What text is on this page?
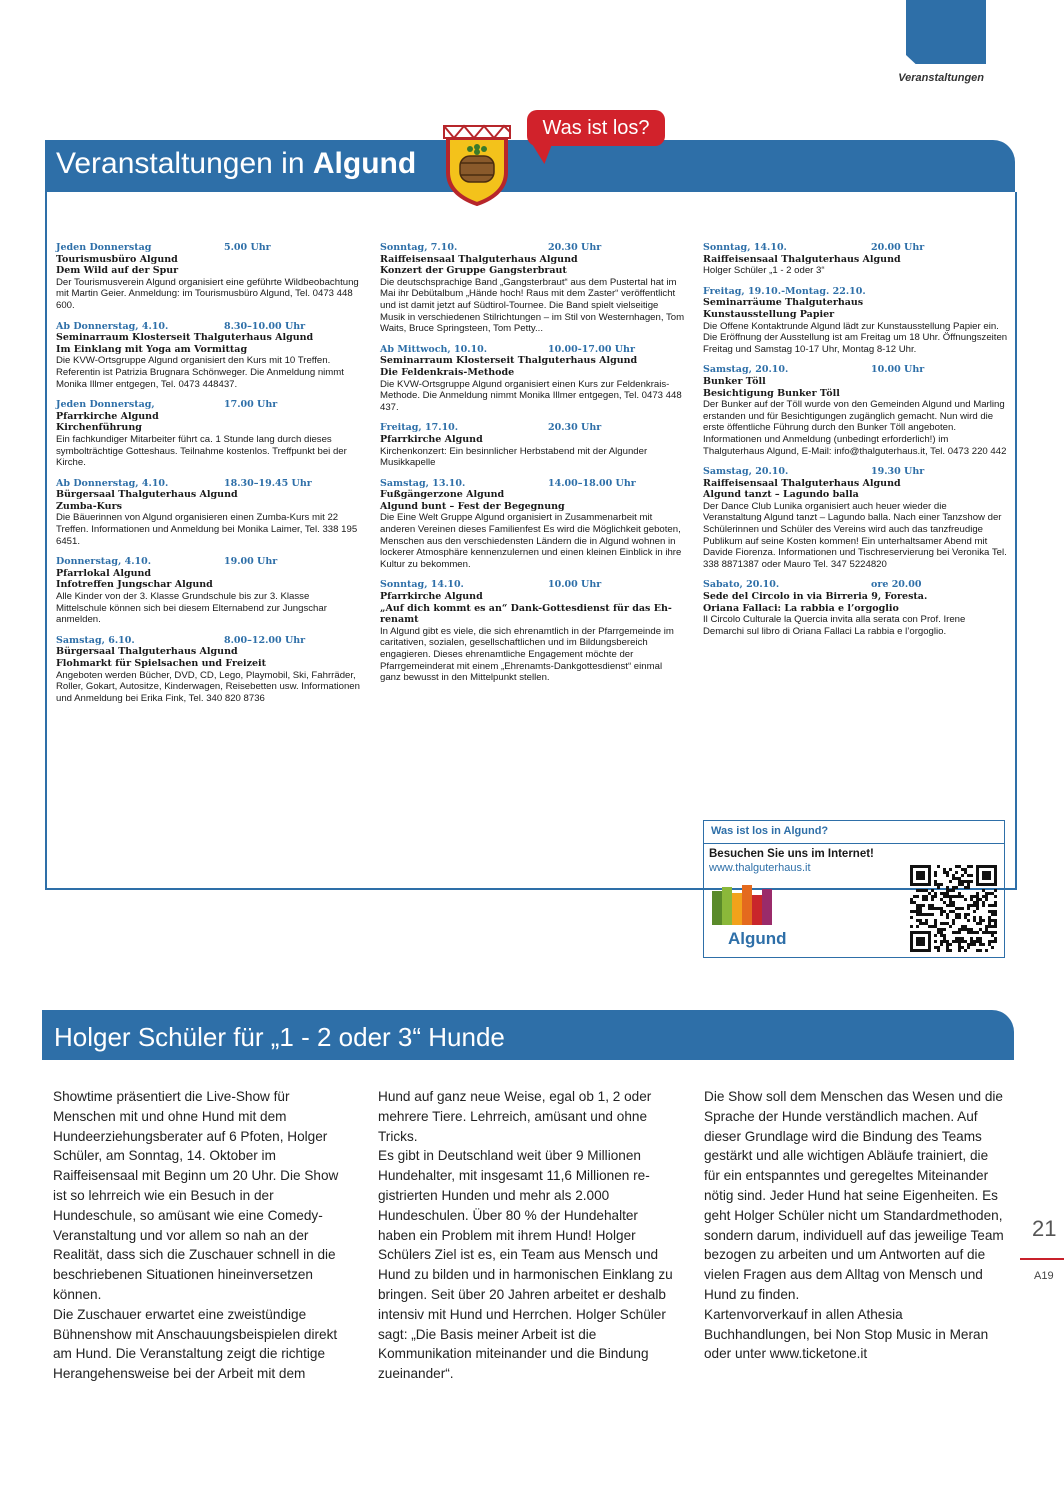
Veranstaltungen
Veranstaltungen in Algund
Was ist los?
Jeden Donnerstag	5.00 Uhr
Tourismusbüro Algund
Dem Wild auf der Spur
Der Tourismusverein Algund organisiert eine geführte Wildbeobachtung mit Martin Geier. Anmeldung: im Tourismusbüro Algund, Tel. 0473 448 600.
Ab Donnerstag, 4.10.	8.30–10.00 Uhr
Seminarraum Klosterseit Thalguterhaus Algund
Im Einklang mit Yoga am Vormittag
Die KVW-Ortsgruppe Algund organisiert den Kurs mit 10 Treffen. Referentin ist Patrizia Brugnara Schönweger. Die Anmeldung nimmt Monika Illmer entgegen, Tel. 0473 448437.
Jeden Donnerstag,	17.00 Uhr
Pfarrkirche Algund
Kirchenführung
Ein fachkundiger Mitarbeiter führt ca. 1 Stunde lang durch dieses symbolträchtige Gotteshaus. Teilnahme kostenlos. Treffpunkt bei der Kirche.
Ab Donnerstag, 4.10.	18.30–19.45 Uhr
Bürgersaal Thalguterhaus Algund
Zumba-Kurs
Die Bäuerinnen von Algund organisieren einen Zumba-Kurs mit 22 Treffen. Informationen und Anmeldung bei Monika Laimer, Tel. 338 195 6451.
Donnerstag, 4.10.	19.00 Uhr
Pfarrlokal Algund
Infotreffen Jungschar Algund
Alle Kinder von der 3. Klasse Grundschule bis zur 3. Klasse Mittelschule können sich bei diesem Elternabend zur Jungschar anmelden.
Samstag, 6.10.	8.00–12.00 Uhr
Bürgersaal Thalguterhaus Algund
Flohmarkt für Spielsachen und Freizeit
Angeboten werden Bücher, DVD, CD, Lego, Playmobil, Ski, Fahrräder, Roller, Gokart, Autositze, Kinderwagen, Reisebetten usw. Informationen und Anmeldung bei Erika Fink, Tel. 340 820 8736
Sonntag, 7.10.	20.30 Uhr
Raiffeisensaal Thalguterhaus Algund
Konzert der Gruppe Gangsterbraut
Die deutschsprachige Band „Gangsterbraut“ aus dem Pustertal hat im Mai ihr Debütalbum „Hände hoch! Raus mit dem Zaster“ veröffentlicht und ist damit jetzt auf Südtirol-Tournee. Die Band spielt vielseitige Musik in verschiedenen Stilrichtungen – im Stil von Westernhagen, Tom Waits, Bruce Springsteen, Tom Petty...
Ab Mittwoch, 10.10.	10.00-17.00 Uhr
Seminarraum Klosterseit Thalguterhaus Algund
Die Feldenkrais-Methode
Die KVW-Ortsgruppe Algund organisiert einen Kurs zur Feldenkrais-Methode. Die Anmeldung nimmt Monika Illmer entgegen, Tel. 0473 448 437.
Freitag, 17.10.	20.30 Uhr
Pfarrkirche Algund
Kirchenkonzert: Ein besinnlicher Herbstabend mit der Algunder Musikkapelle
Samstag, 13.10.	14.00–18.00 Uhr
Fußgängerzone Algund
Algund bunt – Fest der Begegnung
Die Eine Welt Gruppe Algund organisiert in Zusammenarbeit mit anderen Vereinen dieses Familienfest Es wird die Möglichkeit geboten, Menschen aus den verschiedensten Ländern die in Algund wohnen in lockerer Atmosphäre kennenzulernen und einen kleinen Einblick in ihre Kultur zu bekommen.
Sonntag, 14.10.	10.00 Uhr
Pfarrkirche Algund
„Auf dich kommt es an“ Dank-Gottesdienst für das Ehrenamt
In Algund gibt es viele, die sich ehrenamtlich in der Pfarrgemeinde im caritativen, sozialen, gesellschaftlichen und im Bildungsbereich engagieren. Dieses ehrenamtliche Engagement möchte der Pfarrgemeinderat mit einem „Ehrenamts-Dankgottesdienst“ einmal ganz bewusst in den Mittelpunkt stellen.
Sonntag, 14.10.	20.00 Uhr
Raiffeisensaal Thalguterhaus Algund
Holger Schüler „1 - 2 oder 3“
Freitag, 19.10.-Montag. 22.10.
Seminarräume Thalguterhaus
Kunstausstellung Papier
Die Offene Kontaktrunde Algund lädt zur Kunstausstellung Papier ein. Die Eröffnung der Ausstellung ist am Freitag um 18 Uhr. Öffnungszeiten Freitag und Samstag 10-17 Uhr, Montag 8-12 Uhr.
Samstag, 20.10.	10.00 Uhr
Bunker Töll
Besichtigung Bunker Töll
Der Bunker auf der Töll wurde von den Gemeinden Algund und Marling erstanden und für Besichtigungen zugänglich gemacht. Nun wird die erste öffentliche Führung durch den Bunker Töll angeboten. Informationen und Anmeldung (unbedingt erforderlich!) im Thalguterhaus Algund, E-Mail: info@thalguterhaus.it, Tel. 0473 220 442
Samstag, 20.10.	19.30 Uhr
Raiffeisensaal Thalguterhaus Algund
Algund tanzt – Lagundo balla
Der Dance Club Lunika organisiert auch heuer wieder die Veranstaltung Algund tanzt – Lagundo balla. Nach einer Tanzshow der Schülerinnen und Schüler des Vereins wird auch das tanzfreudige Publikum auf seine Kosten kommen! Ein unterhaltsamer Abend mit Davide Fiorenza. Informationen und Tischreservierung bei Veronika Tel. 338 8871387 oder Mauro Tel. 347 5224820
Sabato, 20.10.	ore 20.00
Sede del Circolo in via Birreria 9, Foresta.
Oriana Fallaci: La rabbia e l’orgoglio
Il Circolo Culturale la Quercia invita alla serata con Prof. Irene Demarchi sul libro di Oriana Fallaci La rabbia e l’orgoglio.
Was ist los in Algund?
Besuchen Sie uns im Internet!
www.thalguterhaus.it
Algund
Holger Schüler für „1 - 2 oder 3“ Hunde

Showtime präsentiert die Live-Show für Menschen mit und ohne Hund mit dem Hundeerziehungsberater auf 6 Pfoten, Holger Schüler, am Sonntag, 14. Oktober im Raiffeisensaal mit Beginn um 20 Uhr. Die Show ist so lehrreich wie ein Besuch in der Hundeschule, so amüsant wie eine Comedy-Veranstaltung und vor allem so nah an der Realität, dass sich die Zuschauer schnell in die beschriebenen Situationen hineinversetzen können.

Die Zuschauer erwartet eine zweistündige Bühnenshow mit Anschauungsbeispielen direkt am Hund. Die Veranstaltung zeigt die richtige Herangehensweise bei der Arbeit mit dem

Hund auf ganz neue Weise, egal ob 1, 2 oder mehrere Tiere. Lehrreich, amüsant und ohne Tricks.

Es gibt in Deutschland weit über 9 Millionen Hundehalter, mit insgesamt 11,6 Millionen registrierten Hunden und mehr als 2.000 Hundeschulen. Über 80 % der Hundehalter haben ein Problem mit ihrem Hund! Holger Schülers Ziel ist es, ein Team aus Mensch und Hund zu bilden und in harmonischen Einklang zu bringen. Seit über 20 Jahren arbeitet er deshalb intensiv mit Hund und Herrchen. Holger Schüler sagt: „Die Basis meiner Arbeit ist die Kommunikation miteinander und die Bindung zueinander“.

Die Show soll dem Menschen das Wesen und die Sprache der Hunde verständlich machen. Auf dieser Grundlage wird die Bindung des Teams gestärkt und alle wichtigen Abläufe trainiert, die für ein entspanntes und geregeltes Miteinander nötig sind. Jeder Hund hat seine Eigenheiten. Es geht Holger Schüler nicht um Standardmethoden, sondern darum, individuell auf das jeweilige Team bezogen zu arbeiten und um Antworten auf die vielen Fragen aus dem Alltag von Mensch und Hund zu finden.

Kartenvorverkauf in allen Athesia Buchhandlungen, bei Non Stop Music in Meran oder unter www.ticketone.it

21
A19
